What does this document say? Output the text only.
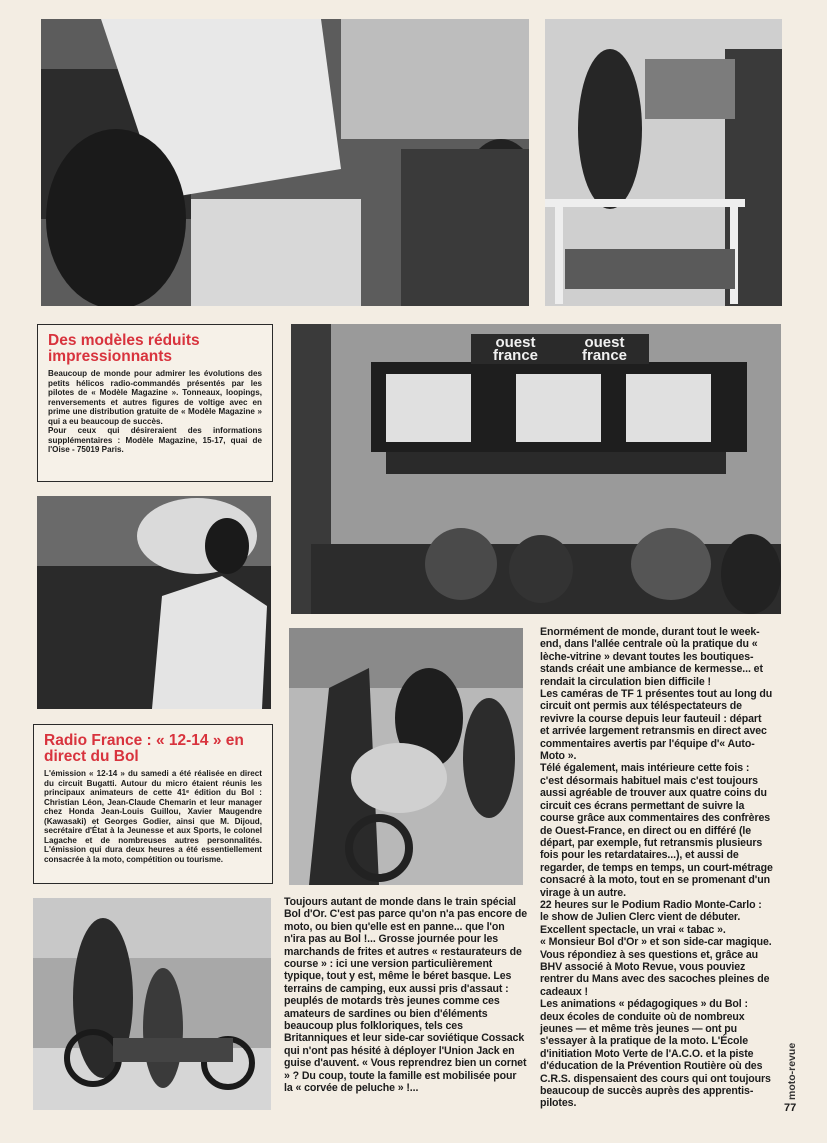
Des modèles réduits impressionnants

Beaucoup de monde pour admirer les évolutions des petits hélicos radio-commandés présentés par les pilotes de « Modèle Magazine ». Tonneaux, loopings, renversements et autres figures de voltige avec en prime une distribution gratuite de « Modèle Magazine » qui a eu beaucoup de succès.

Pour ceux qui désireraient des informations supplémentaires : Modèle Magazine, 15-17, quai de l'Oise - 75019 Paris.

ouest france
ouest france
Radio France : « 12-14 » en direct du Bol

L'émission « 12-14 » du samedi a été réalisée en direct du circuit Bugatti. Autour du micro étaient réunis les principaux animateurs de cette 41ᵉ édition du Bol : Christian Léon, Jean-Claude Chemarin et leur manager chez Honda Jean-Louis Guillou, Xavier Maugendre (Kawasaki) et Georges Godier, ainsi que M. Dijoud, secrétaire d'État à la Jeunesse et aux Sports, le colonel Lagache et de nombreuses autres personnalités. L'émission qui dura deux heures a été essentiellement consacrée à la moto, compétition ou tourisme.

Toujours autant de monde dans le train spécial Bol d'Or. C'est pas parce qu'on n'a pas encore de moto, ou bien qu'elle est en panne... que l'on n'ira pas au Bol !... Grosse journée pour les marchands de frites et autres « restaurateurs de course » : ici une version particulièrement typique, tout y est, même le béret basque. Les terrains de camping, eux aussi pris d'assaut : peuplés de motards très jeunes comme ces amateurs de sardines ou bien d'éléments beaucoup plus folkloriques, tels ces Britanniques et leur side-car soviétique Cossack qui n'ont pas hésité à déployer l'Union Jack en guise d'auvent. « Vous reprendrez bien un cornet » ? Du coup, toute la famille est mobilisée pour la « corvée de peluche » !...

Enormément de monde, durant tout le week-end, dans l'allée centrale où la pratique du « lèche-vitrine » devant toutes les boutiques-stands créait une ambiance de kermesse... et rendait la circulation bien difficile !

Les caméras de TF 1 présentes tout au long du circuit ont permis aux téléspectateurs de revivre la course depuis leur fauteuil : départ et arrivée largement retransmis en direct avec commentaires avertis par l'équipe d'« Auto-Moto ».

Télé également, mais intérieure cette fois : c'est désormais habituel mais c'est toujours aussi agréable de trouver aux quatre coins du circuit ces écrans permettant de suivre la course grâce aux commentaires des confrères de Ouest-France, en direct ou en différé (le départ, par exemple, fut retransmis plusieurs fois pour les retardataires...), et aussi de regarder, de temps en temps, un court-métrage consacré à la moto, tout en se promenant d'un virage à un autre.

22 heures sur le Podium Radio Monte-Carlo : le show de Julien Clerc vient de débuter. Excellent spectacle, un vrai « tabac ».

« Monsieur Bol d'Or » et son side-car magique. Vous répondiez à ses questions et, grâce au BHV associé à Moto Revue, vous pouviez rentrer du Mans avec des sacoches pleines de cadeaux !

Les animations « pédagogiques » du Bol : deux écoles de conduite où de nombreux jeunes — et même très jeunes — ont pu s'essayer à la pratique de la moto. L'École d'initiation Moto Verte de l'A.C.O. et la piste d'éducation de la Prévention Routière où des C.R.S. dispensaient des cours qui ont toujours beaucoup de succès auprès des apprentis-pilotes.

moto-revue
77
